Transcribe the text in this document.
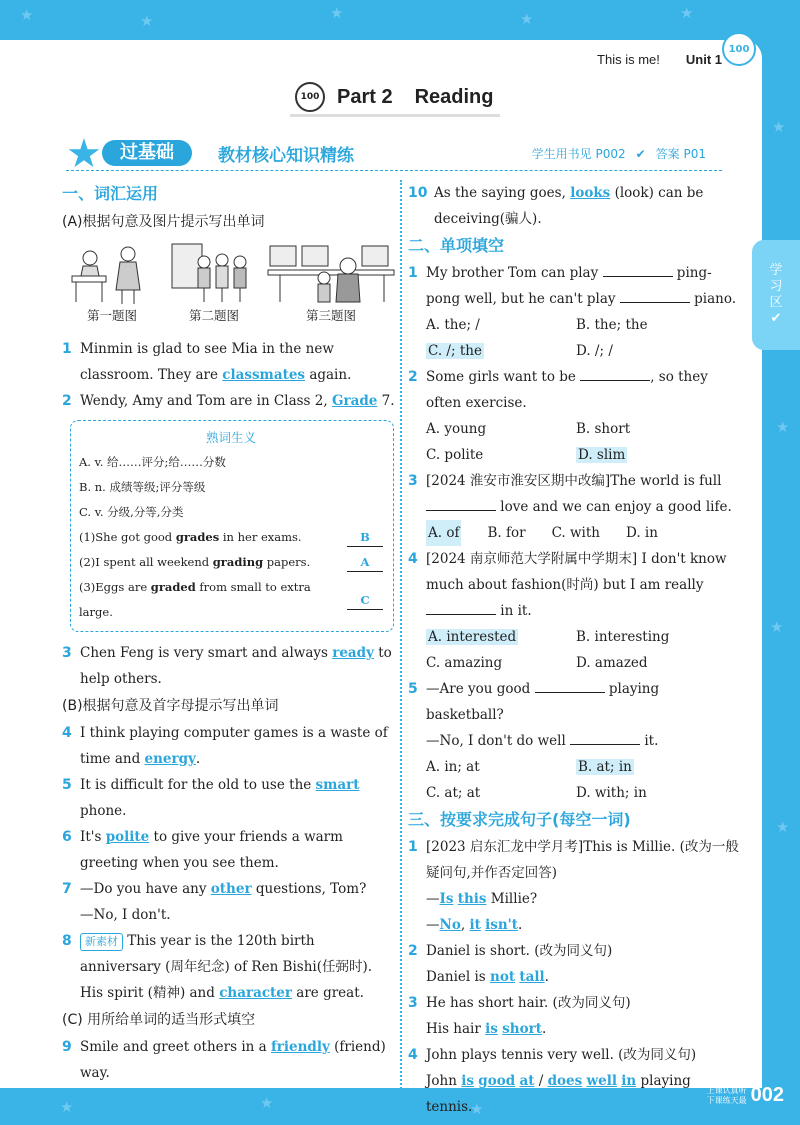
★	★	★	★	★
★
★
★
★
★	★	★
This is me! Unit 1
100
100 Part 2 Reading
★	过基础	教材核心知识精练	学生用书见 P002 ✔ 答案 P01
一、词汇运用
(A)根据句意及图片提示写出单词
第一题图	第二题图	第三题图
1 Minmin is glad to see Mia in the new classroom. They are classmates again.
2 Wendy, Amy and Tom are in Class 2, Grade 7.
熟词生义
A. v. 给……评分;给……分数
B. n. 成绩等级;评分等级
C. v. 分级,分等,分类
(1)She got good grades in her exams.	B
(2)I spent all weekend grading papers.	A
(3)Eggs are graded from small to extra large.
C
3 Chen Feng is very smart and always ready to help others.
(B)根据句意及首字母提示写出单词
4 I think playing computer games is a waste of time and energy.
5 It is difficult for the old to use the smart phone.
6 It's polite to give your friends a warm greeting when you see them.
7 —Do you have any other questions, Tom?
—No, I don't.
8 新素材 This year is the 120th birth anniversary (周年纪念) of Ren Bishi(任弼时). His spirit (精神) and character are great.
(C) 用所给单词的适当形式填空
9 Smile and greet others in a friendly (friend) way.
10 As the saying goes, looks (look) can be deceiving(骗人).
二、单项填空
1 My brother Tom can play	ping-pong well, but he can't play	piano.
A. the; /	B. the; the
C. /; the	D. /; /
2 Some girls want to be	, so they often exercise.
A. young	B. short
C. polite	D. slim
3 [2024 淮安市淮安区期中改编]The world is full  love and we can enjoy a good life.
A. of B. for C. with D. in
4 [2024 南京师范大学附属中学期末] I don't know much about fashion(时尚) but I am really  in it.
A. interested	B. interesting
C. amazing	D. amazed
5 —Are you good	playing basketball?
—No, I don't do well	it.
A. in; at	B. at; in
C. at; at	D. with; in
三、按要求完成句子(每空一词)
1 [2023 启东汇龙中学月考]This is Millie. (改为一般疑问句,并作否定回答)
—Is this Millie?
—No, it isn't.
2 Daniel is short. (改为同义句)
Daniel is not tall.
3 He has short hair. (改为同义句)
His hair is short.
4 John plays tennis very well. (改为同义句)
John is good at / does well in playing tennis.
学
习
区
✔
上课认真听
下课练天最 002
